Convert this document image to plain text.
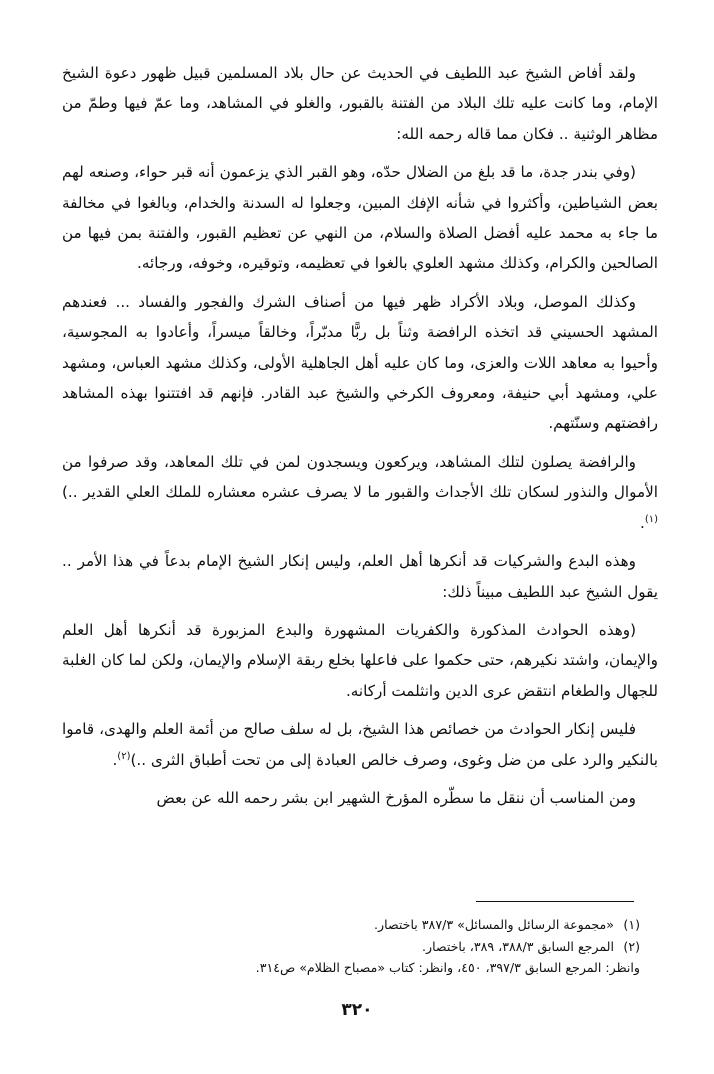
ولقد أفاض الشيخ عبد اللطيف في الحديث عن حال بلاد المسلمين قبيل ظهور دعوة الشيخ الإمام، وما كانت عليه تلك البلاد من الفتنة بالقبور، والغلو في المشاهد، وما عمّ فيها وطمّ من مظاهر الوثنية .. فكان مما قاله رحمه الله:

(وفي بندر جدة، ما قد بلغ من الضلال حدّه، وهو القبر الذي يزعمون أنه قبر حواء، وصنعه لهم بعض الشياطين، وأكثروا في شأنه الإفك المبين، وجعلوا له السدنة والخدام، وبالغوا في مخالفة ما جاء به محمد عليه أفضل الصلاة والسلام، من النهي عن تعظيم القبور، والفتنة بمن فيها من الصالحين والكرام، وكذلك مشهد العلوي بالغوا في تعظيمه، وتوقيره، وخوفه، ورجائه.

وكذلك الموصل، وبلاد الأكراد ظهر فيها من أصناف الشرك والفجور والفساد ... فعندهم المشهد الحسيني قد اتخذه الرافضة وثناً بل ربًّا مدبّراً، وخالقاً ميسراً، وأعادوا به المجوسية، وأحيوا به معاهد اللات والعزى، وما كان عليه أهل الجاهلية الأولى، وكذلك مشهد العباس، ومشهد علي، ومشهد أبي حنيفة، ومعروف الكرخي والشيخ عبد القادر. فإنهم قد افتتنوا بهذه المشاهد رافضتهم وسنّتهم.

والرافضة يصلون لتلك المشاهد، ويركعون ويسجدون لمن في تلك المعاهد، وقد صرفوا من الأموال والنذور لسكان تلك الأجداث والقبور ما لا يصرف عشره معشاره للملك العلي القدير ..)$^{(١)}$.

وهذه البدع والشركيات قد أنكرها أهل العلم، وليس إنكار الشيخ الإمام بدعاً في هذا الأمر .. يقول الشيخ عبد اللطيف مبيناً ذلك:

(وهذه الحوادث المذكورة والكفريات المشهورة والبدع المزبورة قد أنكرها أهل العلم والإيمان، واشتد نكيرهم، حتى حكموا على فاعلها بخلع ربقة الإسلام والإيمان، ولكن لما كان الغلبة للجهال والطغام انتقض عرى الدين وانثلمت أركانه.

فليس إنكار الحوادث من خصائص هذا الشيخ، بل له سلف صالح من أئمة العلم والهدى، قاموا بالنكير والرد على من ضل وغوى، وصرف خالص العبادة إلى من تحت أطباق الثرى ..)$^{(٢)}$.

ومن المناسب أن ننقل ما سطّره المؤرخ الشهير ابن بشر رحمه الله عن بعض

(١)«مجموعة الرسائل والمسائل» ٣٨٧/٣ باختصار.
(٢)المرجع السابق ٣٨٨/٣، ٣٨٩، باختصار.
وانظر: المرجع السابق ٣٩٧/٣، ٤٥٠، وانظر: كتاب «مصباح الظلام» ص٣١٤.
٣٢٠
